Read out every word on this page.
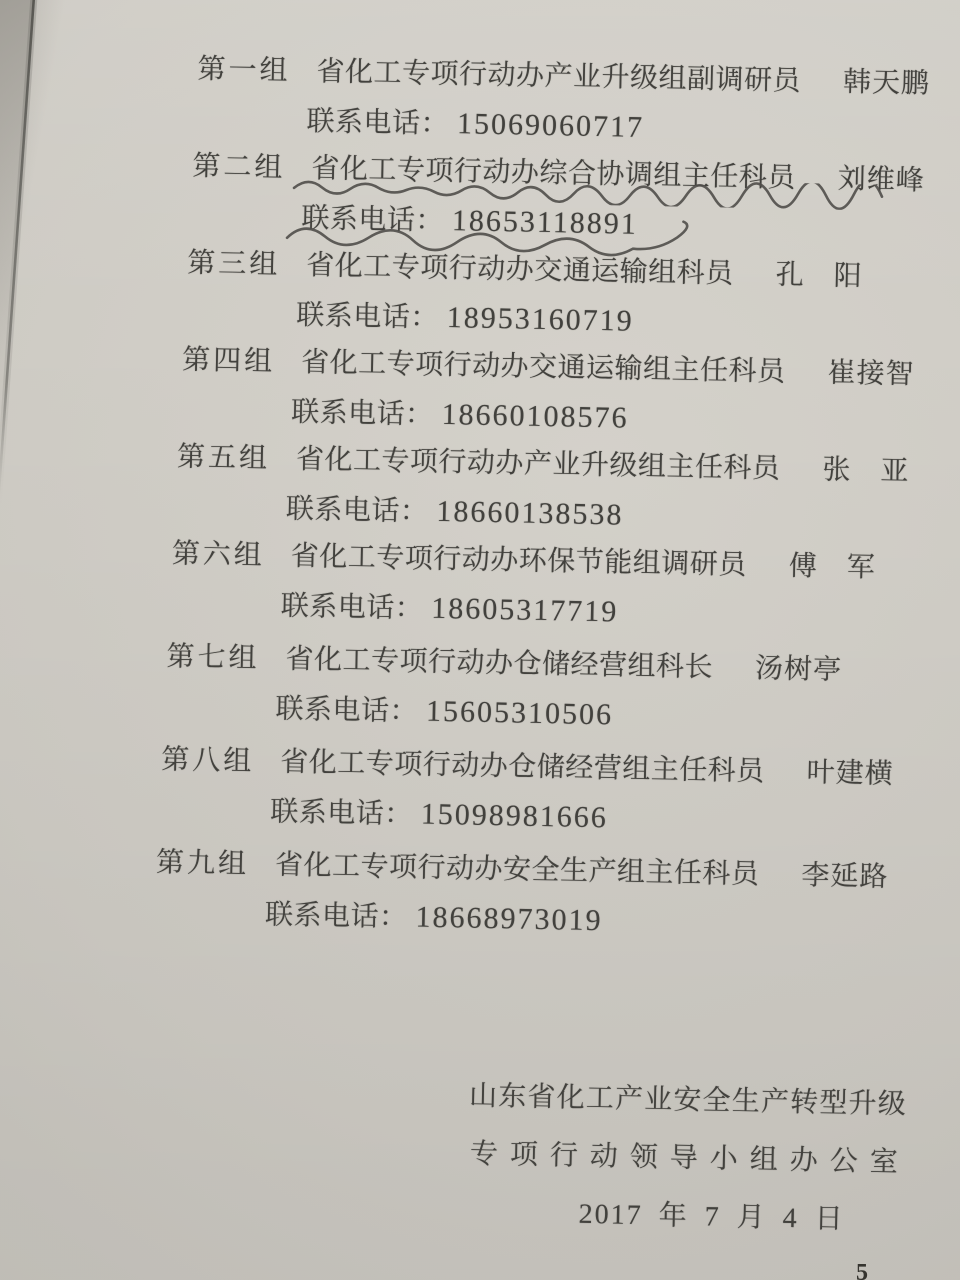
第一组 省化工专项行动办产业升级组副调研员 韩天鹏
联系电话： 15069060717
第二组 省化工专项行动办综合协调组主任科员 刘维峰
联系电话： 18653118891
第三组 省化工专项行动办交通运输组科员 孔　阳
联系电话： 18953160719
第四组 省化工专项行动办交通运输组主任科员 崔接智
联系电话： 18660108576
第五组 省化工专项行动办产业升级组主任科员 张　亚
联系电话： 18660138538
第六组 省化工专项行动办环保节能组调研员 傅　军
联系电话： 18605317719
第七组 省化工专项行动办仓储经营组科长 汤树亭
联系电话： 15605310506
第八组 省化工专项行动办仓储经营组主任科员 叶建横
联系电话： 15098981666
第九组 省化工专项行动办安全生产组主任科员 李延路
联系电话： 18668973019
山东省化工产业安全生产转型升级
专项行动领导小组办公室
2017 年 7 月 4 日
5
